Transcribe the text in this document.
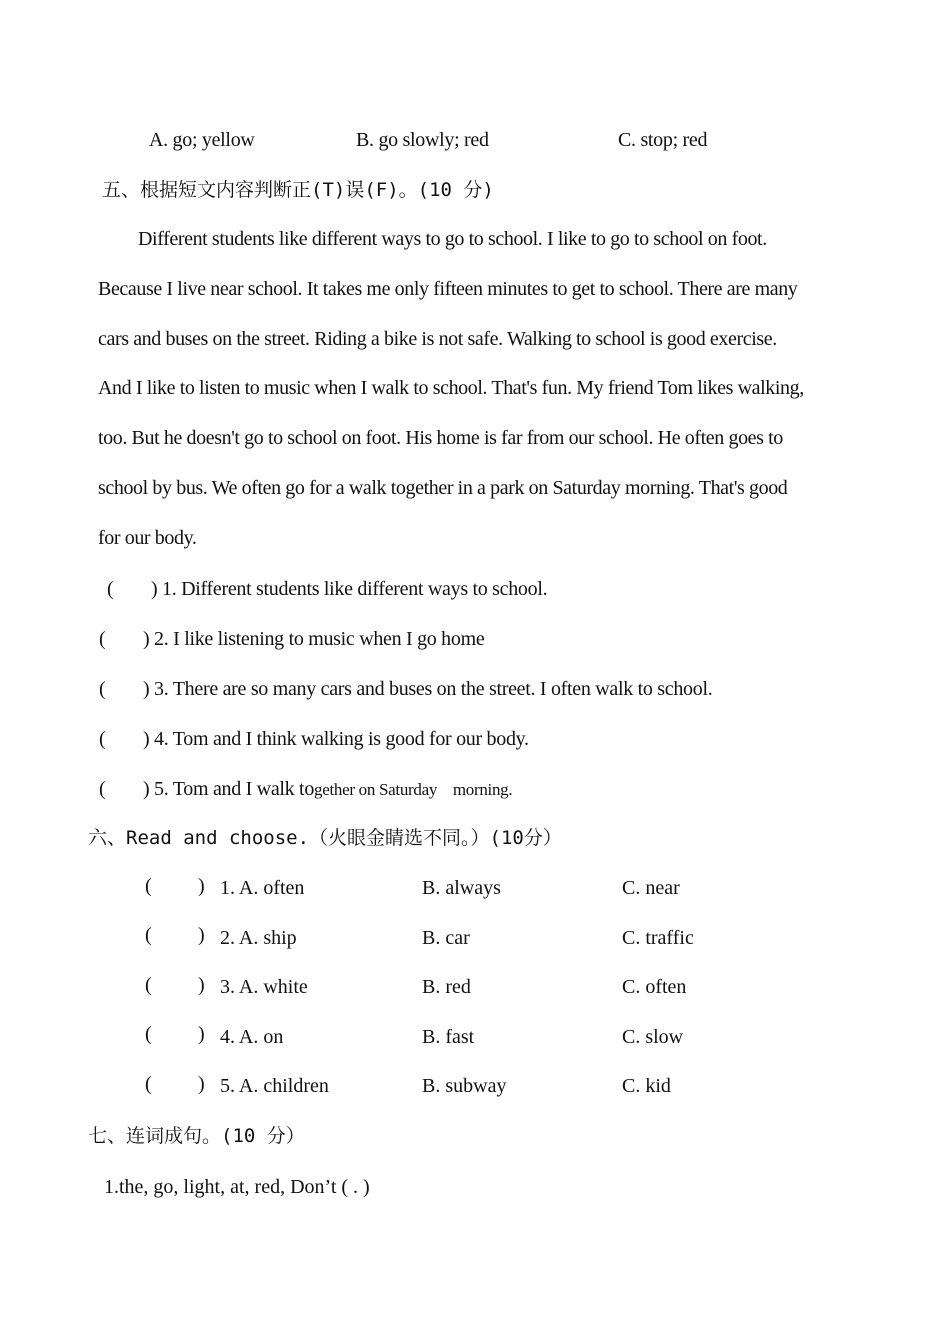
A. go; yellow	B. go slowly; red	C. stop; red
五、根据短文内容判断正(T)误(F)。(10 分)
Different students like different ways to go to school. I like to go to school on foot.
Because I live near school. It takes me only fifteen minutes to get to school. There are many
cars and buses on the street. Riding a bike is not safe. Walking to school is good exercise.
And I like to listen to music when I walk to school. That's fun. My friend Tom likes walking,
too. But he doesn't go to school on foot. His home is far from our school. He often goes to
school by bus. We often go for a walk together in a park on Saturday morning. That's good
for our body.
(        ) 1. Different students like different ways to school.
(        ) 2. I like listening to music when I go home
(        ) 3. There are so many cars and buses on the street. I often walk to school.
(        ) 4. Tom and I think walking is good for our body.
(        ) 5. Tom and I walk together on Saturday    morning.
六、Read and choose.（火眼金睛选不同。）(10分）
( ) 1. A. often	B. always	C. near
( ) 2. A. ship	B. car	C. traffic
( ) 3. A. white	B. red	C. often
( ) 4. A. on	B. fast	C. slow
( ) 5. A. children	B. subway	C. kid
七、连词成句。(10 分）
1.the, go, light, at, red, Don’t ( . )
